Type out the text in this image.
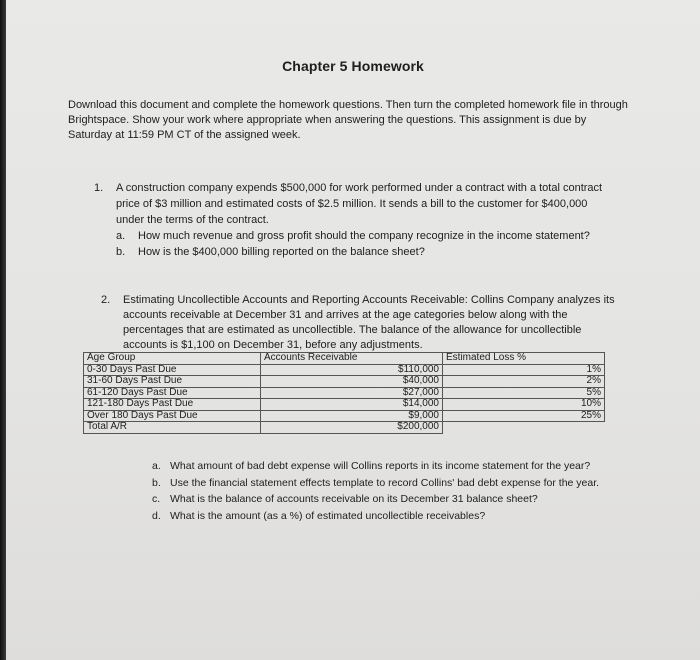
Chapter 5 Homework
Download this document and complete the homework questions. Then turn the completed homework file in through Brightspace. Show your work where appropriate when answering the questions. This assignment is due by Saturday at 11:59 PM CT of the assigned week.
1. A construction company expends $500,000 for work performed under a contract with a total contract price of $3 million and estimated costs of $2.5 million. It sends a bill to the customer for $400,000 under the terms of the contract.
a. How much revenue and gross profit should the company recognize in the income statement?
b. How is the $400,000 billing reported on the balance sheet?
2. Estimating Uncollectible Accounts and Reporting Accounts Receivable: Collins Company analyzes its accounts receivable at December 31 and arrives at the age categories below along with the percentages that are estimated as uncollectible. The balance of the allowance for uncollectible accounts is $1,100 on December 31, before any adjustments.
Age Group	Accounts Receivable	Estimated Loss %
0-30 Days Past Due	$110,000	1%
31-60 Days Past Due	$40,000	2%
61-120 Days Past Due	$27,000	5%
121-180 Days Past Due	$14,000	10%
Over 180 Days Past Due	$9,000	25%
Total A/R	$200,000	
a. What amount of bad debt expense will Collins reports in its income statement for the year?
b. Use the financial statement effects template to record Collins' bad debt expense for the year.
c. What is the balance of accounts receivable on its December 31 balance sheet?
d. What is the amount (as a %) of estimated uncollectible receivables?
